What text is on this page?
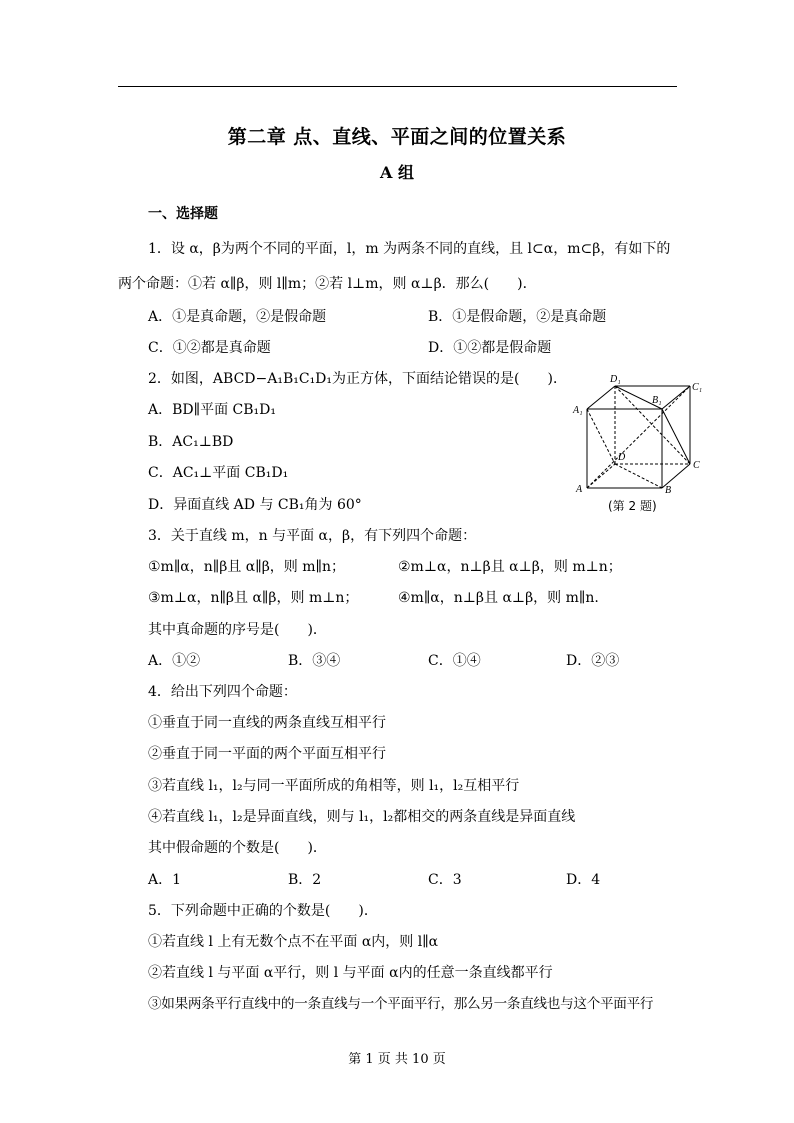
第二章 点、直线、平面之间的位置关系
A 组
一、选择题
1．设 α，β为两个不同的平面，l，m 为两条不同的直线，且 l⊂α，m⊂β，有如下的
两个命题：①若 α∥β，则 l∥m；②若 l⊥m，则 α⊥β．那么(　　)．
A．①是真命题，②是假命题	B．①是假命题，②是真命题
C．①②都是真命题	D．①②都是假命题
2．如图，ABCD−A₁B₁C₁D₁为正方体，下面结论错误的是(　　)．
A．BD∥平面 CB₁D₁
B．AC₁⊥BD
C．AC₁⊥平面 CB₁D₁
D．异面直线 AD 与 CB₁角为 60°
D₁
C₁
A₁
B₁
A
D
C
B
(第 2 题)
3．关于直线 m，n 与平面 α，β，有下列四个命题：
①m∥α，n∥β且 α∥β，则 m∥n；	②m⊥α，n⊥β且 α⊥β，则 m⊥n；
③m⊥α，n∥β且 α∥β，则 m⊥n；	④m∥α，n⊥β且 α⊥β，则 m∥n.
其中真命题的序号是(　　)．
A．①②	B．③④	C．①④	D．②③
4．给出下列四个命题：
①垂直于同一直线的两条直线互相平行
②垂直于同一平面的两个平面互相平行
③若直线 l₁，l₂与同一平面所成的角相等，则 l₁，l₂互相平行
④若直线 l₁，l₂是异面直线，则与 l₁，l₂都相交的两条直线是异面直线
其中假命题的个数是(　　)．
A．1	B．2	C．3	D．4
5．下列命题中正确的个数是(　　)．
①若直线 l 上有无数个点不在平面 α内，则 l∥α
②若直线 l 与平面 α平行，则 l 与平面 α内的任意一条直线都平行
③如果两条平行直线中的一条直线与一个平面平行，那么另一条直线也与这个平面平行
第 1 页 共 10 页
